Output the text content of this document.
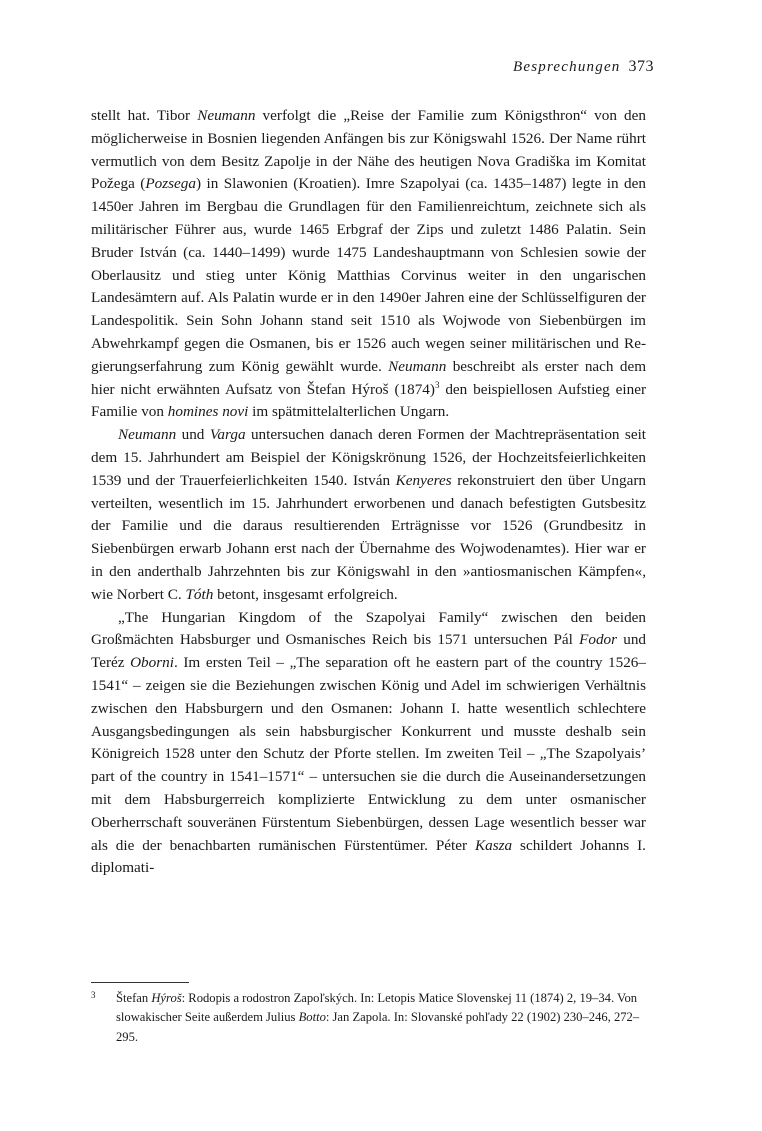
Besprechungen 373

stellt hat. Tibor Neumann verfolgt die „Reise der Familie zum Königsthron“ von den möglicherweise in Bosnien liegenden Anfängen bis zur Königswahl 1526. Der Name rührt vermutlich von dem Besitz Zapolje in der Nähe des heutigen Nova Gradiška im Komitat Požega (Pozsega) in Slawonien (Kroatien). Imre Szapolyai (ca. 1435–1487) legte in den 1450er Jahren im Bergbau die Grundlagen für den Familienreichtum, zeichnete sich als militärischer Führer aus, wurde 1465 Erbgraf der Zips und zuletzt 1486 Palatin. Sein Bruder István (ca. 1440–1499) wurde 1475 Landeshauptmann von Schlesien sowie der Oberlausitz und stieg unter König Matthias Corvinus weiter in den ungarischen Landesämtern auf. Als Palatin wurde er in den 1490er Jahren eine der Schlüsselfiguren der Landespolitik. Sein Sohn Johann stand seit 1510 als Wojwode von Siebenbürgen im Abwehrkampf gegen die Osmanen, bis er 1526 auch wegen seiner militärischen und Regierungserfahrung zum König gewählt wurde. Neumann beschreibt als erster nach dem hier nicht erwähnten Aufsatz von Štefan Hýroš $(1874)^3$ den beispiellosen Aufstieg einer Familie von homines novi im spätmittelalterlichen Ungarn.

Neumann und Varga untersuchen danach deren Formen der Machtrepräsentation seit dem 15. Jahrhundert am Beispiel der Königskrönung 1526, der Hochzeitsfeierlichkeiten 1539 und der Trauerfeierlichkeiten 1540. István Kenyeres rekonstruiert den über Ungarn verteilten, wesentlich im 15. Jahrhundert erworbenen und danach befestigten Gutsbesitz der Familie und die daraus resultierenden Erträgnisse vor 1526 (Grundbesitz in Siebenbürgen erwarb Johann erst nach der Übernahme des Wojwodenamtes). Hier war er in den anderthalb Jahrzehnten bis zur Königswahl in den »antiosmanischen Kämpfen«, wie Norbert C. Tóth betont, insgesamt erfolgreich.

„The Hungarian Kingdom of the Szapolyai Family“ zwischen den beiden Großmächten Habsburger und Osmanisches Reich bis 1571 untersuchen Pál Fodor und Teréz Oborni. Im ersten Teil – „The separation oft he eastern part of the country 1526–1541“ – zeigen sie die Beziehungen zwischen König und Adel im schwierigen Verhältnis zwischen den Habsburgern und den Osmanen: Johann I. hatte wesentlich schlechtere Ausgangsbedingungen als sein habsburgischer Konkurrent und musste deshalb sein Königreich 1528 unter den Schutz der Pforte stellen. Im zweiten Teil – „The Szapolyais’ part of the country in 1541–1571“ – untersuchen sie die durch die Auseinandersetzungen mit dem Habsburgerreich komplizierte Entwicklung zu dem unter osmanischer Oberherrschaft souveränen Fürstentum Siebenbürgen, dessen Lage wesentlich besser war als die der benachbarten rumänischen Fürstentümer. Péter Kasza schildert Johanns I. diplomati-

3 Štefan Hýroš: Rodopis a rodostron Zapoľských. In: Letopis Matice Slovenskej 11 (1874) 2, 19–34. Von slowakischer Seite außerdem Julius Botto: Jan Zapola. In: Slovanské pohľady 22 (1902) 230–246, 272–295.
